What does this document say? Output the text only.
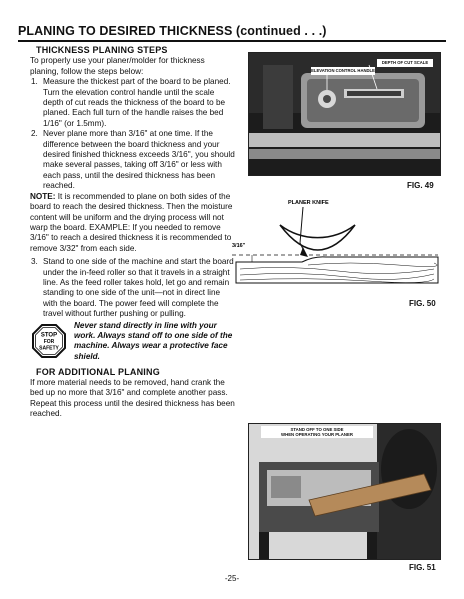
PLANING TO DESIRED THICKNESS (continued . . .)
THICKNESS PLANING STEPS

To properly use your planer/molder for thickness planing, follow the steps below:

1. Measure the thickest part of the board to be planed. Turn the elevation control handle until the scale depth of cut reads the thickness of the board to be planed. Each full turn of the handle raises the bed 1/16" (or 1.5mm).
2. Never plane more than 3/16" at one time. If the difference between the board thickness and your desired finished thickness exceeds 3/16", you should make several passes, taking off 3/16" or less with each pass, until the desired thickness has been reached.

NOTE: It is recommended to plane on both sides of the board to reach the desired thickness. Then the moisture content will be uniform and the drying process will not warp the board. EXAMPLE: If you needed to remove 3/16" to reach a desired thickness it is recommended to remove 3/32" from each side.

3. Stand to one side of the machine and start the board under the in-feed roller so that it travels in a straight line. As the feed roller takes hold, let go and remain standing to one side of the unit—not in direct line with the board. The power feed will complete the travel without further pushing or pulling.
STOP
FOR
SAFETY
Never stand directly in line with your work. Always stand off to one side of the machine. Always wear a protective face shield.
FOR ADDITIONAL PLANING

If more material needs to be removed, hand crank the bed up no more that 3/16" and complete another pass. Repeat this process until the desired thickness has been reached.

ELEVATION CONTROL HANDLE
DEPTH OF CUT SCALE
FIG. 49
3/16"
PLANER KNIFE
FIG. 50
STAND OFF TO ONE SIDE
WHEN OPERATING YOUR PLANER
FIG. 51
-25-
